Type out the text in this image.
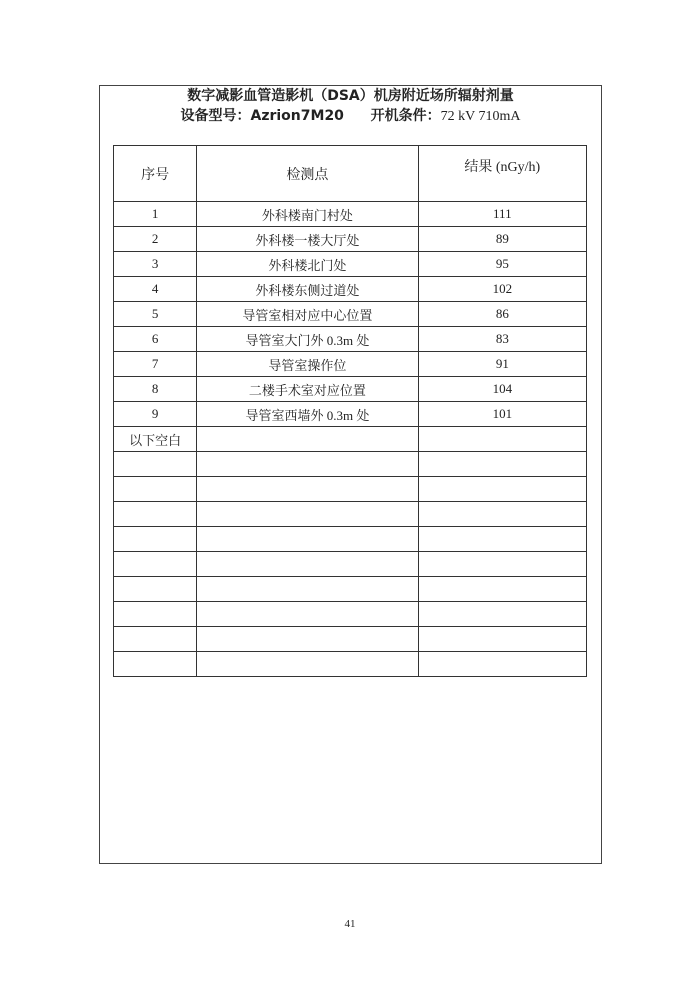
数字减影血管造影机（DSA）机房附近场所辐射剂量
设备型号：Azrion7M20 开机条件：72 kV 710mA
序号	检测点	结果 (nGy/h)
1	外科楼南门村处	111
2	外科楼一楼大厅处	89
3	外科楼北门处	95
4	外科楼东侧过道处	102
5	导管室相对应中心位置	86
6	导管室大门外 0.3m 处	83
7	导管室操作位	91
8	二楼手术室对应位置	104
9	导管室西墙外 0.3m 处	101
以下空白		

41
